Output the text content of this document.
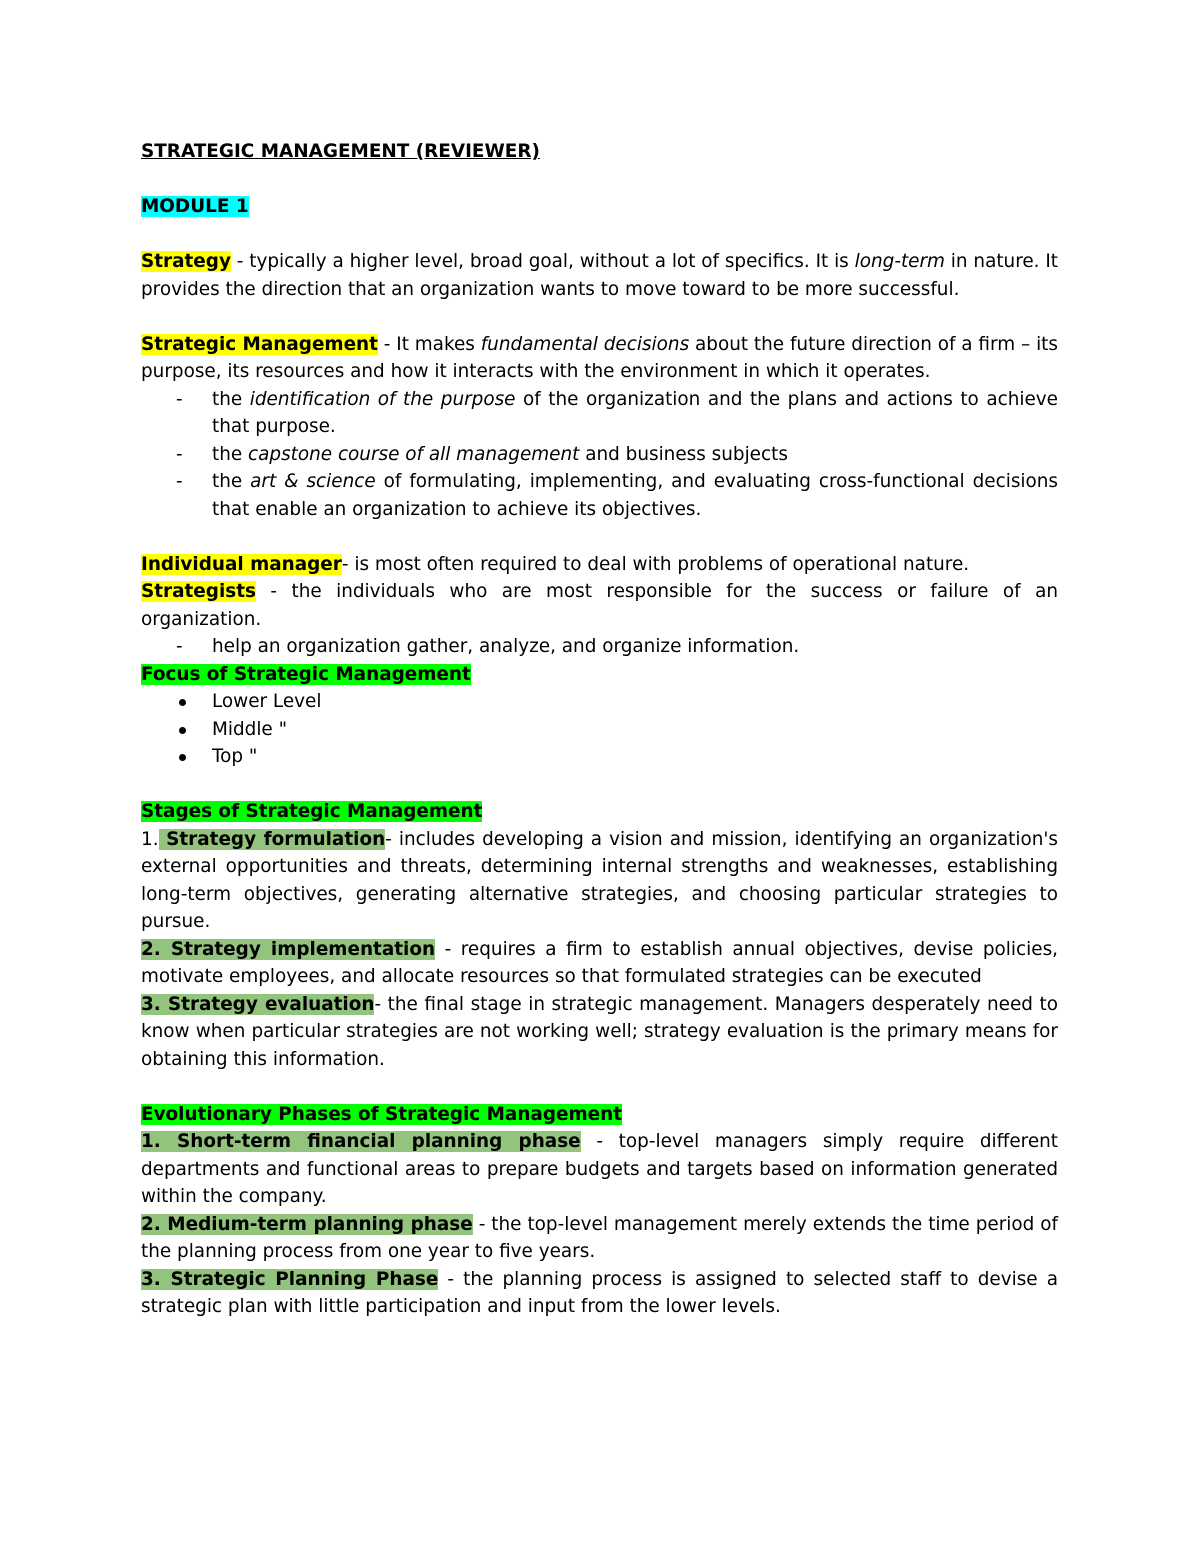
STRATEGIC MANAGEMENT (REVIEWER)

MODULE 1

Strategy - typically a higher level, broad goal, without a lot of specifics. It is long-term in nature. It provides the direction that an organization wants to move toward to be more successful.

Strategic Management - It makes fundamental decisions about the future direction of a firm – its purpose, its resources and how it interacts with the environment in which it operates.

- the identification of the purpose of the organization and the plans and actions to achieve that purpose.
- the capstone course of all management and business subjects
- the art & science of formulating, implementing, and evaluating cross-functional decisions that enable an organization to achieve its objectives.

Individual manager- is most often required to deal with problems of operational nature.

Strategists - the individuals who are most responsible for the success or failure of an organization.

- help an organization gather, analyze, and organize information.

Focus of Strategic Management

Lower Level
Middle "
Top "

Stages of Strategic Management

1. Strategy formulation- includes developing a vision and mission, identifying an organization's external opportunities and threats, determining internal strengths and weaknesses, establishing long-term objectives, generating alternative strategies, and choosing particular strategies to pursue.

2. Strategy implementation - requires a firm to establish annual objectives, devise policies, motivate employees, and allocate resources so that formulated strategies can be executed

3. Strategy evaluation- the final stage in strategic management. Managers desperately need to know when particular strategies are not working well; strategy evaluation is the primary means for obtaining this information.

Evolutionary Phases of Strategic Management

1. Short-term financial planning phase - top-level managers simply require different departments and functional areas to prepare budgets and targets based on information generated within the company.

2. Medium-term planning phase - the top-level management merely extends the time period of the planning process from one year to five years.

3. Strategic Planning Phase - the planning process is assigned to selected staff to devise a strategic plan with little participation and input from the lower levels.
